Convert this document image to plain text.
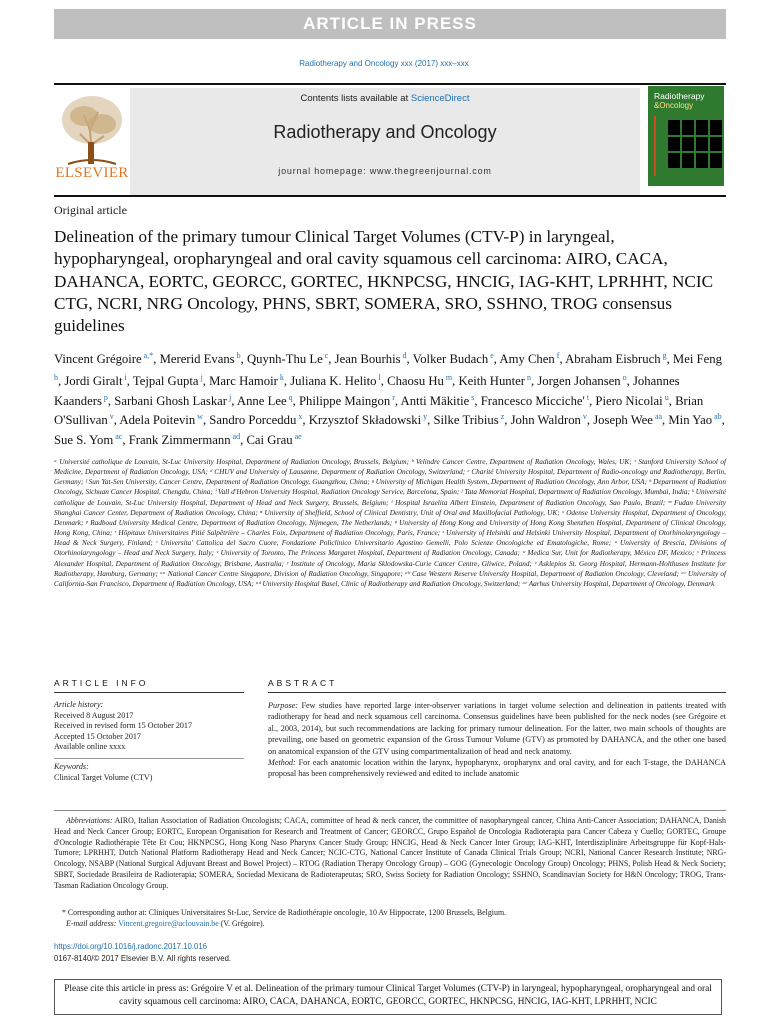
ARTICLE IN PRESS
Radiotherapy and Oncology xxx (2017) xxx–xxx
ELSEVIER
Contents lists available at ScienceDirect
Radiotherapy and Oncology
journal homepage: www.thegreenjournal.com
Radiotherapy
&Oncology
Original article
Delineation of the primary tumour Clinical Target Volumes (CTV-P) in laryngeal, hypopharyngeal, oropharyngeal and oral cavity squamous cell carcinoma: AIRO, CACA, DAHANCA, EORTC, GEORCC, GORTEC, HKNPCSG, HNCIG, IAG-KHT, LPRHHT, NCIC CTG, NCRI, NRG Oncology, PHNS, SBRT, SOMERA, SRO, SSHNO, TROG consensus guidelines
Vincent Grégoire $^{a,*}$, Mererid Evans $^b$, Quynh-Thu Le $^c$, Jean Bourhis $^d$, Volker Budach $^e$, Amy Chen $^f$, Abraham Eisbruch $^g$, Mei Feng $^h$, Jordi Giralt $^i$, Tejpal Gupta $^j$, Marc Hamoir $^k$, Juliana K. Helito $^l$, Chaosu Hu $^m$, Keith Hunter $^n$, Jorgen Johansen $^o$, Johannes Kaanders $^p$, Sarbani Ghosh Laskar $^j$, Anne Lee $^q$, Philippe Maingon $^r$, Antti Mäkitie $^s$, Francesco Micciche' $^t$, Piero Nicolai $^u$, Brian O'Sullivan $^v$, Adela Poitevin $^w$, Sandro Porceddu $^x$, Krzysztof Składowski $^y$, Silke Tribius $^z$, John Waldron $^v$, Joseph Wee $^{aa}$, Min Yao $^{ab}$, Sue S. Yom $^{ac}$, Frank Zimmermann $^{ad}$, Cai Grau $^{ae}$
ᵃ Université catholique de Louvain, St-Luc University Hospital, Department of Radiation Oncology, Brussels, Belgium; ᵇ Velindre Cancer Centre, Department of Radiation Oncology, Wales, UK; ᶜ Stanford University School of Medicine, Department of Radiation Oncology, USA; ᵈ CHUV and University of Lausanne, Department of Radiation Oncology, Switzerland; ᵉ Charité University Hospital, Department of Radio-oncology and Radiotherapy, Berlin, Germany; ᶠ Sun Yat-Sen University, Cancer Centre, Department of Radiation Oncology, Guangzhou, China; ᵍ University of Michigan Health System, Department of Radiation Oncology, Ann Arbor, USA; ʰ Department of Radiation Oncology, Sichuan Cancer Hospital, Chengdu, China; ⁱ Vall d'Hebron University Hospital, Radiation Oncology Service, Barcelona, Spain; ʲ Tata Memorial Hospital, Department of Radiation Oncology, Mumbai, India; ᵏ Université catholique de Louvain, St-Luc University Hospital, Department of Head and Neck Surgery, Brussels, Belgium; ˡ Hospital Israelita Albert Einstein, Department of Radiation Oncology, Sao Paulo, Brazil; ᵐ Fudan University Shanghai Cancer Center, Department of Radiation Oncology, China; ⁿ University of Sheffield, School of Clinical Dentistry, Unit of Oral and Maxillofacial Pathology, UK; ᵒ Odense University Hospital, Department of Oncology, Denmark; ᵖ Radboud University Medical Centre, Department of Radiation Oncology, Nijmegen, The Netherlands; ᵠ University of Hong Kong and University of Hong Kong Shenzhen Hospital, Department of Clinical Oncology, Hong Kong, China; ʳ Hôpitaux Universitaires Pitié Salpêtrière – Charles Foix, Department of Radiation Oncology, Paris, France; ˢ University of Helsinki and Helsinki University Hospital, Department of Otorhinolaryngology – Head & Neck Surgery, Finland; ᵗ Universita' Cattolica del Sacro Cuore, Fondazione Policlinico Universitario Agostino Gemelli, Polo Scienze Oncologiche ed Ematologiche, Rome; ᵘ University of Brescia, Divisions of Otorhinolaryngology – Head and Neck Surgery, Italy; ᵛ University of Toronto, The Princess Margaret Hospital, Department of Radiation Oncology, Canada; ʷ Medica Sur, Unit for Radiotherapy, México DF, Mexico; ˣ Princess Alexander Hospital, Department of Radiation Oncology, Brisbane, Australia; ʸ Institute of Oncology, Maria Sklodowska-Curie Cancer Centre, Gliwice, Poland; ᶻ Asklepios St. Georg Hospital, Hermann-Holthusen Institute for Radiotherapy, Hamburg, Germany; ᵃᵃ National Cancer Centre Singapore, Division of Radiation Oncology, Singapore; ᵃᵇ Case Western Reserve University Hospital, Department of Radiation Oncology, Cleveland; ᵃᶜ University of California-San Francisco, Department of Radiation Oncology, USA; ᵃᵈ University Hospital Basel, Clinic of Radiotherapy and Radiation Oncology, Switzerland; ᵃᵉ Aarhus University Hospital, Department of Oncology, Denmark
ARTICLE INFO	ABSTRACT
Article history:
Received 8 August 2017
Received in revised form 15 October 2017
Accepted 15 October 2017
Available online xxxx
Keywords:
Clinical Target Volume (CTV)
Purpose: Few studies have reported large inter-observer variations in target volume selection and delineation in patients treated with radiotherapy for head and neck squamous cell carcinoma. Consensus guidelines have been published for the neck nodes (see Grégoire et al., 2003, 2014), but such recommendations are lacking for primary tumour delineation. For the latter, two main schools of thoughts are prevailing, one based on geometric expansion of the Gross Tumour Volume (GTV) as promoted by DAHANCA, and the other one based on anatomical expansion of the GTV using compartmentalization of head and neck anatomy.
Method: For each anatomic location within the larynx, hypopharynx, oropharynx and oral cavity, and for each T-stage, the DAHANCA proposal has been comprehensively reviewed and edited to include anatomic
Abbreviations: AIRO, Italian Association of Radiation Oncologists; CACA, committee of head & neck cancer, the committee of nasopharyngeal cancer, China Anti-Cancer Association; DAHANCA, Danish Head and Neck Cancer Group; EORTC, European Organisation for Research and Treatment of Cancer; GEORCC, Grupo Español de Oncologia Radioterapia para Cancer Cabeza y Cuello; GORTEC, Groupe d'Oncologie Radiothérapie Tête Et Cou; HKNPCSG, Hong Kong Naso Pharynx Cancer Study Group; HNCIG, Head & Neck Cancer Inter Group; IAG-KHT, Interdisziplinäre Arbeitsgruppe für Kopf-Hals-Tumore; LPRHHT, Dutch National Platform Radiotherapy Head and Neck Cancer; NCIC-CTG, National Cancer Institute of Canada Clinical Trials Group; NCRI, National Cancer Research Institute; NRG-Oncology, NSABP (National Surgical Adjuvant Breast and Bowel Project) – RTOG (Radiation Therapy Oncology Group) – GOG (Gynecologic Oncology Group) Oncology; PHNS, Polish Head & Neck Society; SBRT, Sociedade Brasileira de Radioterapia; SOMERA, Sociedad Mexicana de Radioterapeutas; SRO, Swiss Society for Radiation Oncology; SSHNO, Scandinavian Society for H&N Oncology; TROG, Trans-Tasman Radiation Oncology Group.
* Corresponding author at: Cliniques Universitaires St-Luc, Service de Radiothérapie oncologie, 10 Av Hippocrate, 1200 Brussels, Belgium.
E-mail address: Vincent.gregoire@uclouvain.be (V. Grégoire).
https://doi.org/10.1016/j.radonc.2017.10.016
0167-8140/© 2017 Elsevier B.V. All rights reserved.
Please cite this article in press as: Grégoire V et al. Delineation of the primary tumour Clinical Target Volumes (CTV-P) in laryngeal, hypopharyngeal, oropharyngeal and oral cavity squamous cell carcinoma: AIRO, CACA, DAHANCA, EORTC, GEORCC, GORTEC, HKNPCSG, HNCIG, IAG-KHT, LPRHHT, NCIC
